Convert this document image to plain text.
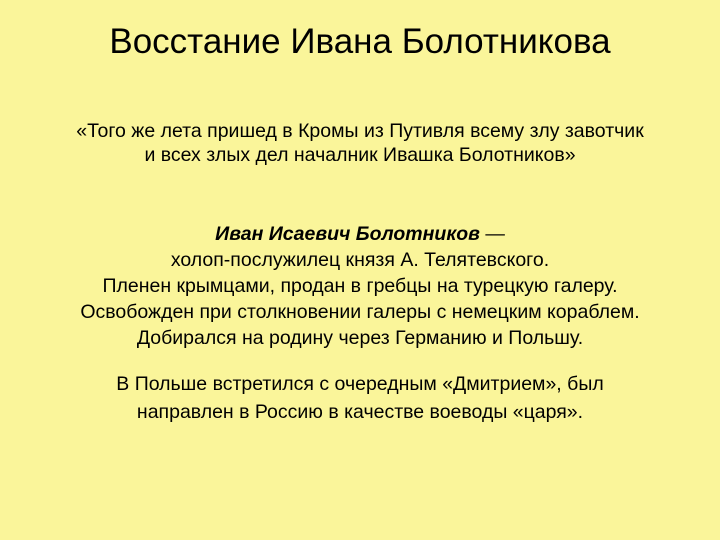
Восстание Ивана Болотникова

«Того же лета пришед в Кромы из Путивля всему злу завотчик
и всех злых дел началник Ивашка Болотников»

Иван Исаевич Болотников —
холоп-послужилец князя А. Телятевского.
Пленен крымцами, продан в гребцы на турецкую галеру.
Освобожден при столкновении галеры с немецким кораблем.
Добирался на родину через Германию и Польшу.

В Польше встретился с очередным «Дмитрием», был
направлен в Россию в качестве воеводы «царя».
